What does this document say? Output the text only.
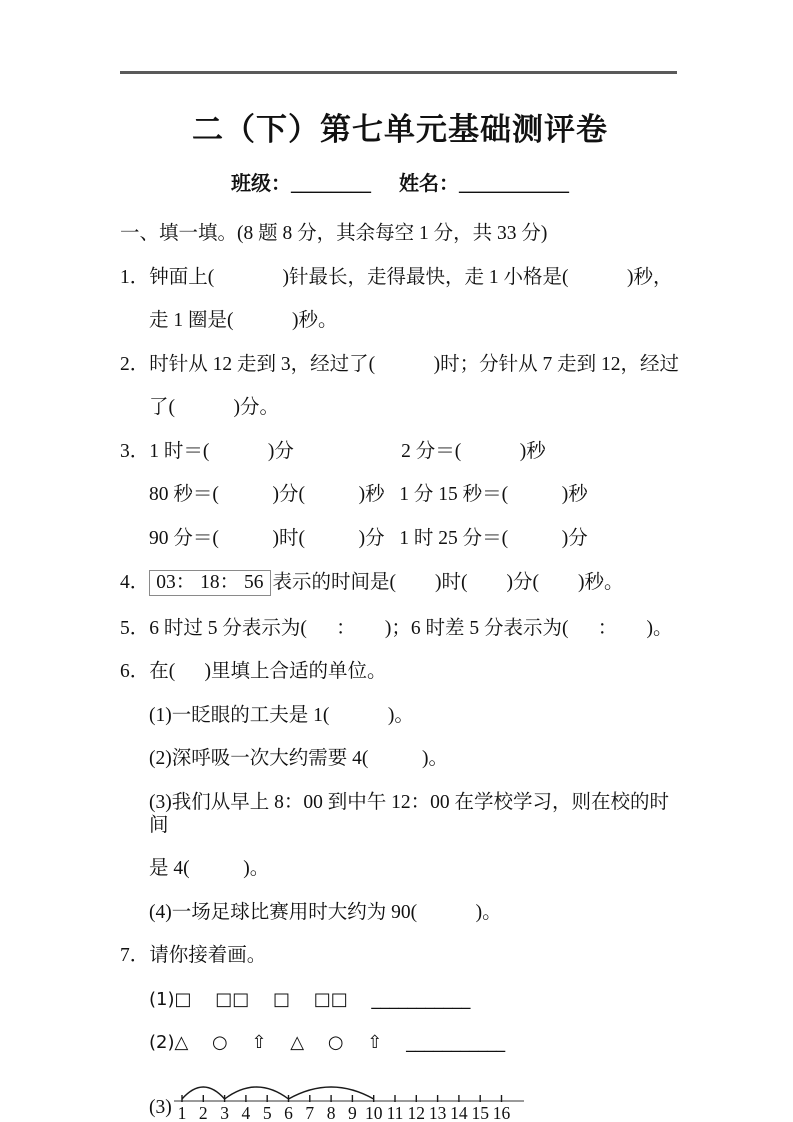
二（下）第七单元基础测评卷
班级：________ 姓名：___________
一、填一填。(8 题 8 分，其余每空 1 分，共 33 分)
1．钟面上(              )针最长，走得最快，走 1 小格是(            )秒，
走 1 圈是(            )秒。
2．时针从 12 走到 3，经过了(            )时；分针从 7 走到 12，经过
了(            )分。
3．1 时＝(            )分                      2 分＝(            )秒
80 秒＝(           )分(           )秒   1 分 15 秒＝(           )秒
90 分＝(           )时(           )分   1 时 25 分＝(           )分
4． 03： 18： 56 表示的时间是(        )时(        )分(        )秒。
5．6 时过 5 分表示为(      ：      )；6 时差 5 分表示为(      ：      )。
6．在(      )里填上合适的单位。
(1)一眨眼的工夫是 1(            )。
(2)深呼吸一次大约需要 4(           )。
(3)我们从早上 8：00 到中午 12：00 在学校学习，则在校的时间
是 4(           )。
(4)一场足球比赛用时大约为 90(            )。
7．请你接着画。
(1)□　 □□　 □　 □□　 ___________
(2)△　 ○　 ⇧　 △　 ○　 ⇧　 ___________
(3) 1 2 3 4 5 6 7 8 9 10 11 12 13 14 15 16
